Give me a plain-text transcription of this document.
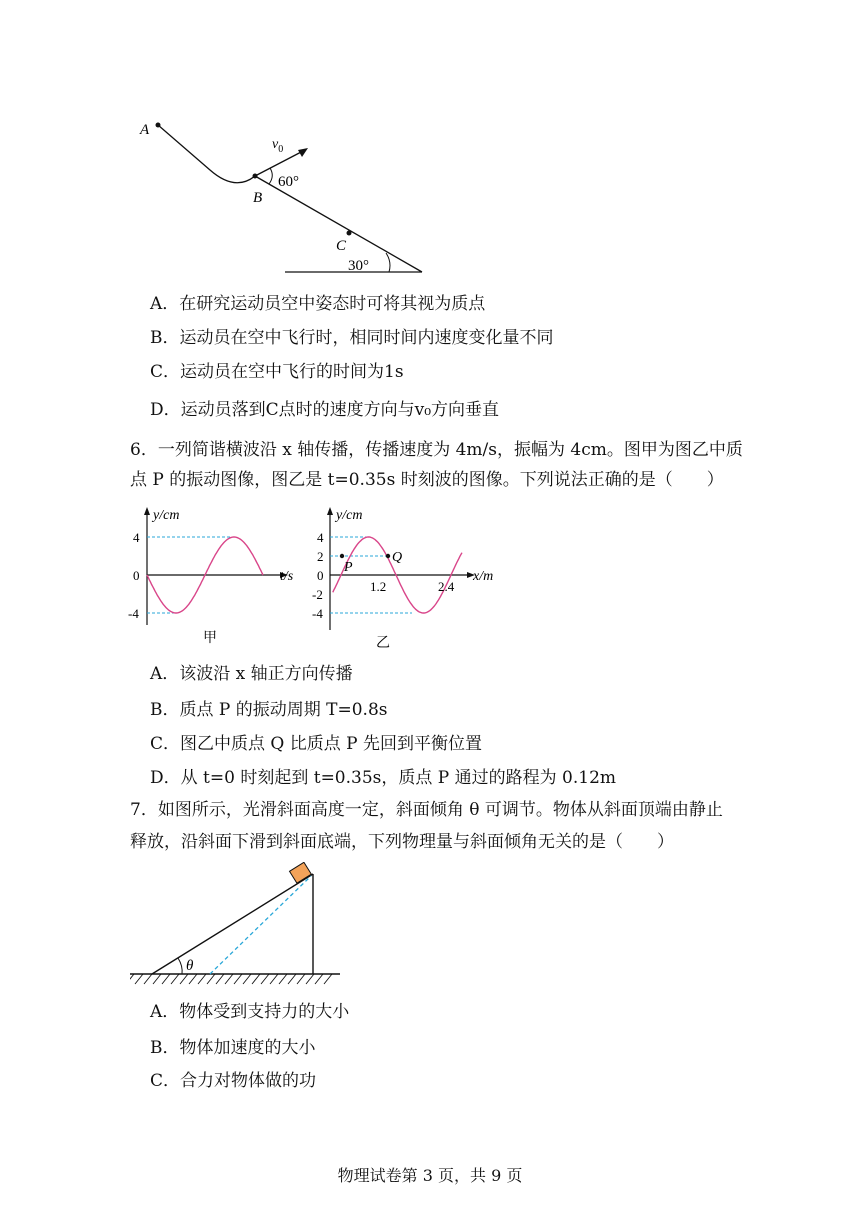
A
B
C
$v_0$
60°
30°
A．在研究运动员空中姿态时可将其视为质点
B．运动员在空中飞行时，相同时间内速度变化量不同
C．运动员在空中飞行的时间为1s
D．运动员落到C点时的速度方向与v₀方向垂直
6．一列简谐横波沿 x 轴传播，传播速度为 4m/s，振幅为 4cm。图甲为图乙中质
点 P 的振动图像，图乙是 t=0.35s 时刻波的图像。下列说法正确的是（　　）
y/cm
t/s
4
0
-4
甲
y/cm
x/m
4
2
0
-2
-4
1.2	2.4
P
Q
乙
A．该波沿 x 轴正方向传播
B．质点 P 的振动周期 T=0.8s
C．图乙中质点 Q 比质点 P 先回到平衡位置
D．从 t=0 时刻起到 t=0.35s，质点 P 通过的路程为 0.12m
7．如图所示，光滑斜面高度一定，斜面倾角 θ 可调节。物体从斜面顶端由静止
释放，沿斜面下滑到斜面底端，下列物理量与斜面倾角无关的是（　　）
θ
A．物体受到支持力的大小
B．物体加速度的大小
C．合力对物体做的功
物理试卷第 3 页，共 9 页
